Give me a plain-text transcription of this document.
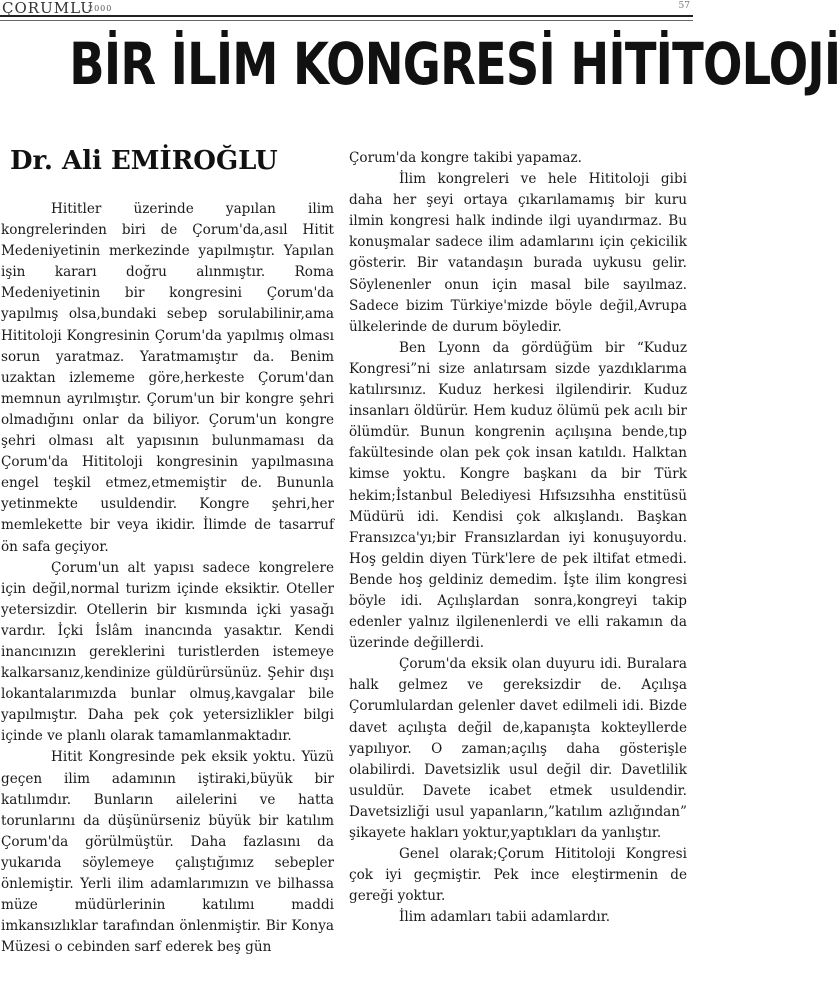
ÇORUMLU
2000	57
BİR İLİM KONGRESİ HİTİTOLOJİ
Dr. Ali EMİROĞLU

Hititler üzerinde yapılan ilim kongrelerinden biri de Çorum'da,asıl Hitit Medeniyetinin merkezinde yapılmıştır. Yapılan işin kararı doğru alınmıştır. Roma Medeniyetinin bir kongresini Çorum'da yapılmış olsa,bundaki sebep sorulabilinir,ama Hititoloji Kongresinin Çorum'da yapılmış olması sorun yaratmaz. Yaratmamıştır da. Benim uzaktan izlememe göre,herkeste Çorum'dan memnun ayrılmıştır. Çorum'un bir kongre şehri olmadığını onlar da biliyor. Çorum'un kongre şehri olması alt yapısının bulunmaması da Çorum'da Hititoloji kongresinin yapılmasına engel teşkil etmez,etmemiştir de. Bununla yetinmekte usuldendir. Kongre şehri,her memlekette bir veya ikidir. İlimde de tasarruf ön safa geçiyor.

Çorum'un alt yapısı sadece kongrelere için değil,normal turizm içinde eksiktir. Oteller yetersizdir. Otellerin bir kısmında içki yasağı vardır. İçki İslâm inancında yasaktır. Kendi inancınızın gereklerini turistlerden istemeye kalkarsanız,kendinize güldürürsünüz. Şehir dışı lokantalarımızda bunlar olmuş,kavgalar bile yapılmıştır. Daha pek çok yetersizlikler bilgi içinde ve planlı olarak tamamlanmaktadır.

Hitit Kongresinde pek eksik yoktu. Yüzü geçen ilim adamının iştiraki,büyük bir katılımdır. Bunların ailelerini ve hatta torunlarını da düşünürseniz büyük bir katılım Çorum'da görülmüştür. Daha fazlasını da yukarıda söylemeye çalıştığımız sebepler önlemiştir. Yerli ilim adamlarımızın ve bilhassa müze müdürlerinin katılımı maddi imkansızlıklar tarafından önlenmiştir. Bir Konya Müzesi o cebinden sarf ederek beş gün

Çorum'da kongre takibi yapamaz.

İlim kongreleri ve hele Hititoloji gibi daha her şeyi ortaya çıkarılamamış bir kuru ilmin kongresi halk indinde ilgi uyandırmaz. Bu konuşmalar sadece ilim adamlarını için çekicilik gösterir. Bir vatandaşın burada uykusu gelir. Söylenenler onun için masal bile sayılmaz. Sadece bizim Türkiye'mizde böyle değil,Avrupa ülkelerinde de durum böyledir.

Ben Lyonn da gördüğüm bir “Kuduz Kongresi”ni size anlatırsam sizde yazdıklarıma katılırsınız. Kuduz herkesi ilgilendirir. Kuduz insanları öldürür. Hem kuduz ölümü pek acılı bir ölümdür. Bunun kongrenin açılışına bende,tıp fakültesinde olan pek çok insan katıldı. Halktan kimse yoktu. Kongre başkanı da bir Türk hekim;İstanbul Belediyesi Hıfsızsıhha enstitüsü Müdürü idi. Kendisi çok alkışlandı. Başkan Fransızca'yı;bir Fransızlardan iyi konuşuyordu. Hoş geldin diyen Türk'lere de pek iltifat etmedi. Bende hoş geldiniz demedim. İşte ilim kongresi böyle idi. Açılışlardan sonra,kongreyi takip edenler yalnız ilgilenenlerdi ve elli rakamın da üzerinde değillerdi.

Çorum'da eksik olan duyuru idi. Buralara halk gelmez ve gereksizdir de. Açılışa Çorumlulardan gelenler davet edilmeli idi. Bizde davet açılışta değil de,kapanışta kokteyllerde yapılıyor. O zaman;açılış daha gösterişle olabilirdi. Davetsizlik usul değil dir. Davetlilik usuldür. Davete icabet etmek usuldendir. Davetsizliği usul yapanların,”katılım azlığından” şikayete hakları yoktur,yaptıkları da yanlıştır.

Genel olarak;Çorum Hititoloji Kongresi çok iyi geçmiştir. Pek ince eleştirmenin de gereği yoktur.

İlim adamları tabii adamlardır.
